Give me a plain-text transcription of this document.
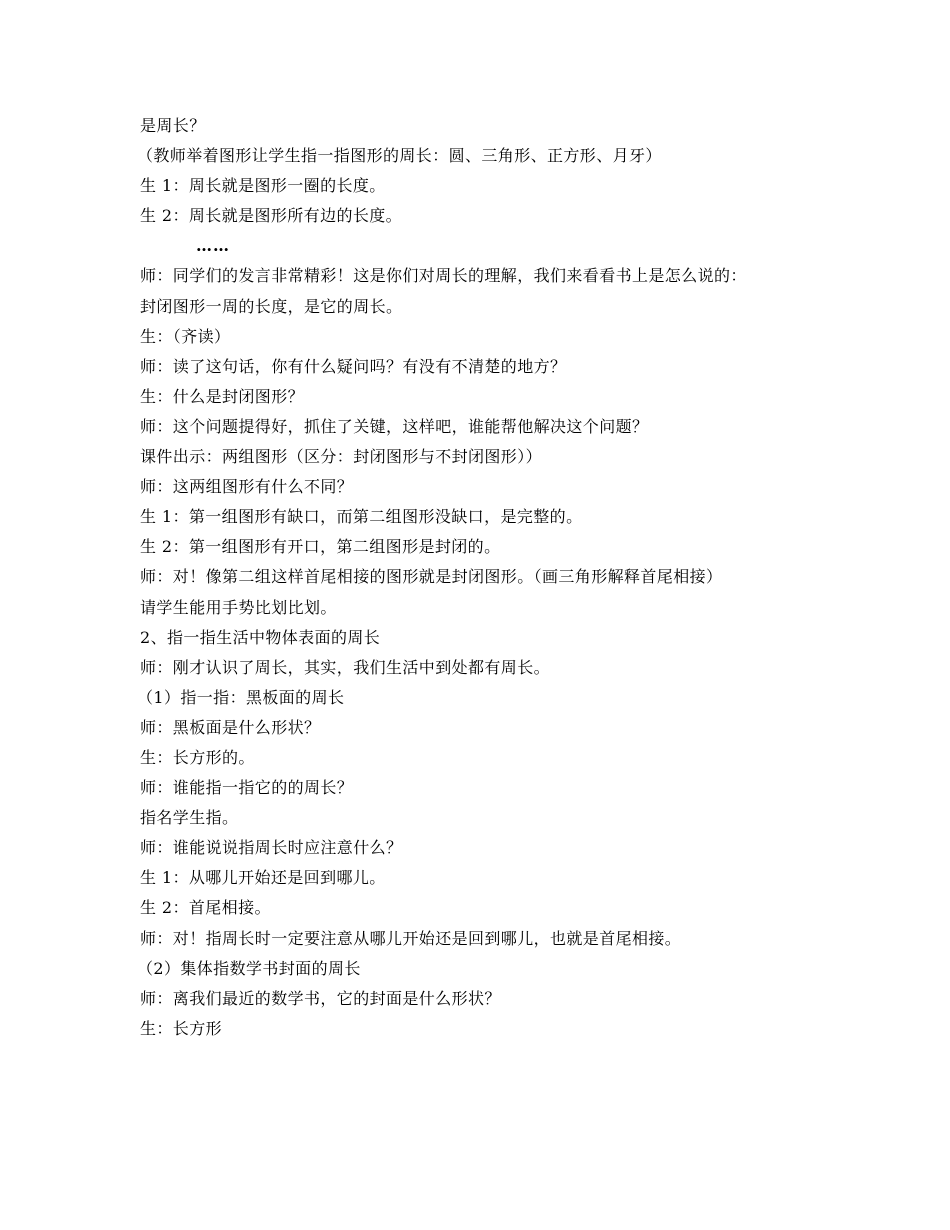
是周长？
（教师举着图形让学生指一指图形的周长：圆、三角形、正方形、月牙）
生 1：周长就是图形一圈的长度。
生 2：周长就是图形所有边的长度。
……
师：同学们的发言非常精彩！这是你们对周长的理解，我们来看看书上是怎么说的：
封闭图形一周的长度，是它的周长。
生：（齐读）
师：读了这句话，你有什么疑问吗？有没有不清楚的地方？
生：什么是封闭图形？
师：这个问题提得好，抓住了关键，这样吧，谁能帮他解决这个问题？
课件出示：两组图形（区分：封闭图形与不封闭图形））
师：这两组图形有什么不同？
生 1：第一组图形有缺口，而第二组图形没缺口，是完整的。
生 2：第一组图形有开口，第二组图形是封闭的。
师：对！像第二组这样首尾相接的图形就是封闭图形。（画三角形解释首尾相接）
请学生能用手势比划比划。
2、指一指生活中物体表面的周长
师：刚才认识了周长，其实，我们生活中到处都有周长。
（1）指一指：黑板面的周长
师：黑板面是什么形状？
生：长方形的。
师：谁能指一指它的的周长？
指名学生指。
师：谁能说说指周长时应注意什么？
生 1：从哪儿开始还是回到哪儿。
生 2：首尾相接。
师：对！指周长时一定要注意从哪儿开始还是回到哪儿，也就是首尾相接。
（2）集体指数学书封面的周长
师：离我们最近的数学书，它的封面是什么形状？
生：长方形
